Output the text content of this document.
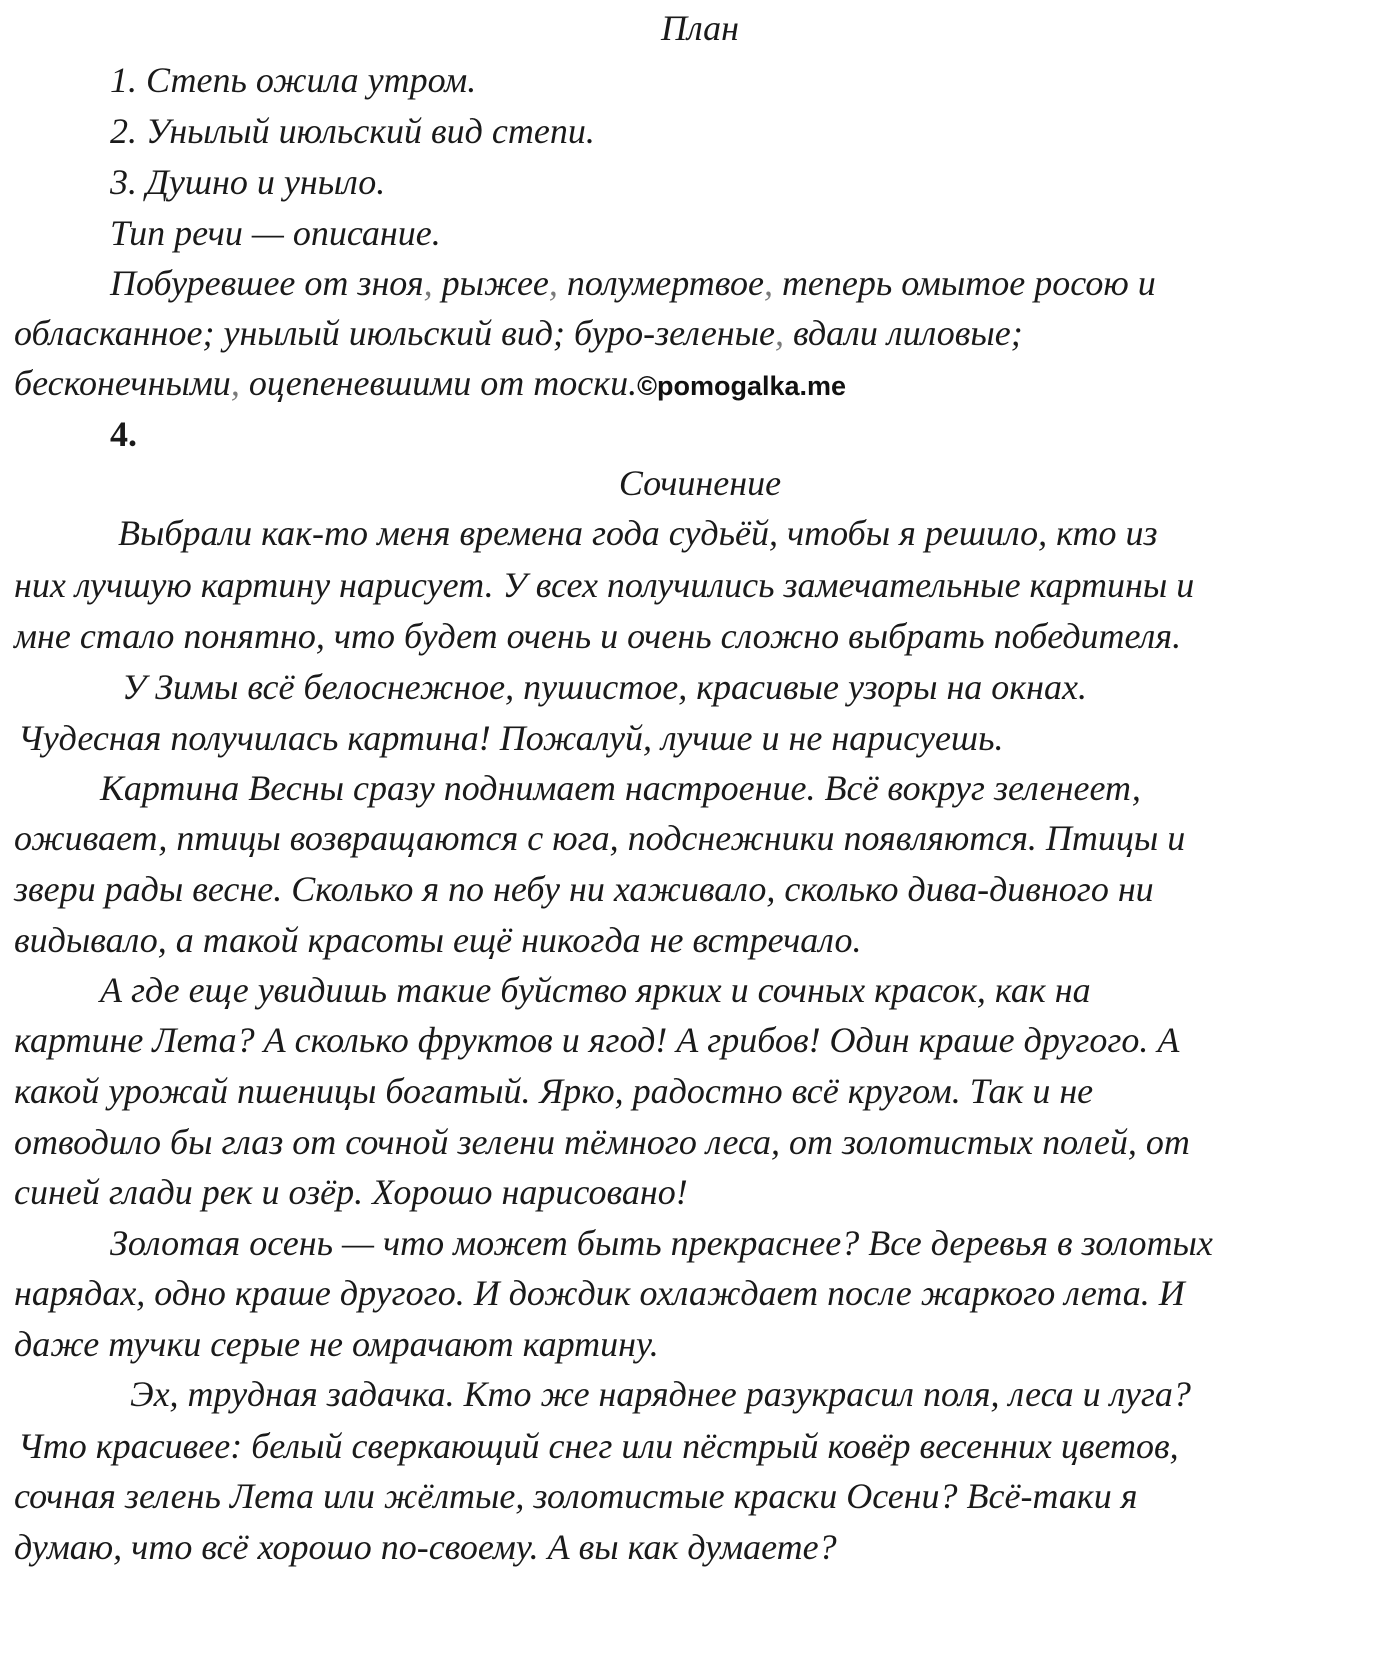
План
1. Степь ожила утром.
2. Унылый июльский вид степи.
3. Душно и уныло.
Тип речи — описание.
Побуревшее от зноя, рыжее, полумертвое, теперь омытое росою и
обласканное; унылый июльский вид; буро-зеленые, вдали лиловые;
бесконечными, оцепеневшими от тоски.©pomogalka.me
4.
Сочинение
Выбрали как-то меня времена года судьёй, чтобы я решило, кто из
них лучшую картину нарисует. У всех получились замечательные картины и
мне стало понятно, что будет очень и очень сложно выбрать победителя.
У Зимы всё белоснежное, пушистое, красивые узоры на окнах.
Чудесная получилась картина! Пожалуй, лучше и не нарисуешь.
Картина Весны сразу поднимает настроение. Всё вокруг зеленеет,
оживает, птицы возвращаются с юга, подснежники появляются. Птицы и
звери рады весне. Сколько я по небу ни хаживало, сколько дива-дивного ни
видывало, а такой красоты ещё никогда не встречало.
А где еще увидишь такие буйство ярких и сочных красок, как на
картине Лета? А сколько фруктов и ягод! А грибов! Один краше другого. А
какой урожай пшеницы богатый. Ярко, радостно всё кругом. Так и не
отводило бы глаз от сочной зелени тёмного леса, от золотистых полей, от
синей глади рек и озёр. Хорошо нарисовано!
Золотая осень — что может быть прекраснее? Все деревья в золотых
нарядах, одно краше другого. И дождик охлаждает после жаркого лета. И
даже тучки серые не омрачают картину.
Эх, трудная задачка. Кто же наряднее разукрасил поля, леса и луга?
Что красивее: белый сверкающий снег или пёстрый ковёр весенних цветов,
сочная зелень Лета или жёлтые, золотистые краски Осени? Всё-таки я
думаю, что всё хорошо по-своему. А вы как думаете?
